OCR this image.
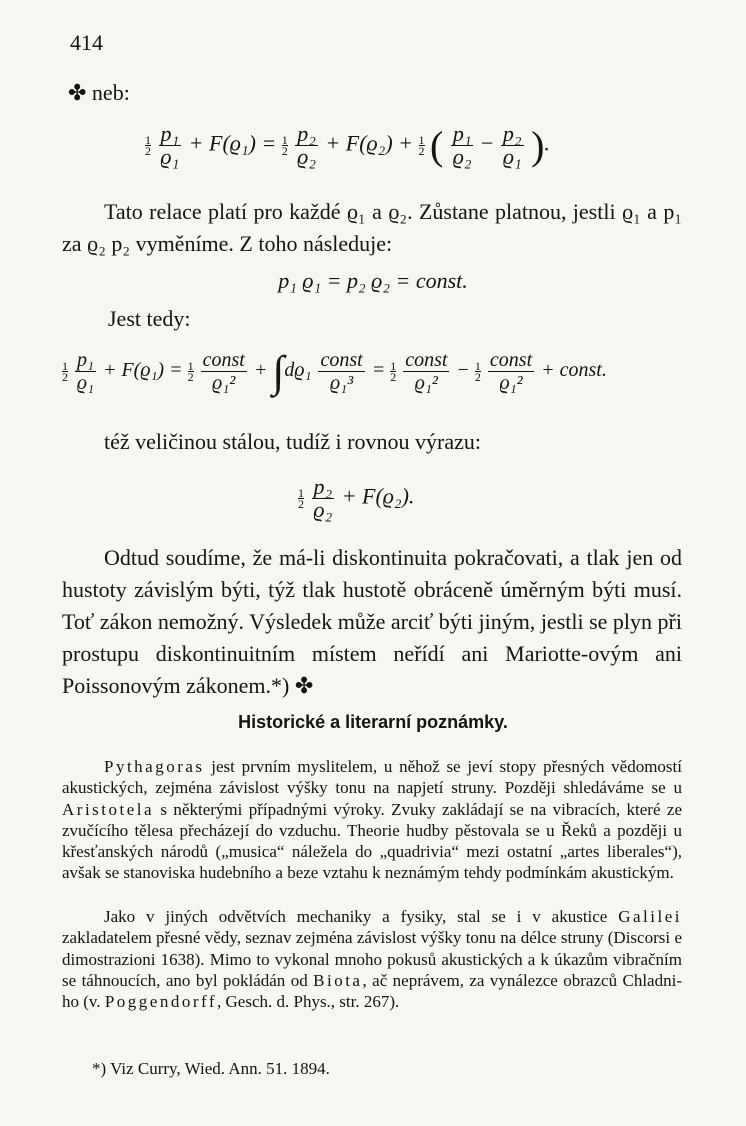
414
✤ neb:
$\frac{1}{2}$
$\frac{\text{p₁}}{\text{ϱ₁}} + F(ϱ_1) = \frac{1}{2}$
$\frac{\text{p₂}}{\text{ϱ₂}} + F(ϱ_2) + \frac{1}{2}$ ( $\frac{\text{p₁}}{\text{ϱ₂}} - \frac{\text{p₂}}{\text{ϱ₁}}$ ).
Tato relace platí pro každé ϱ₁ a ϱ₂. Zůstane platnou, jestli ϱ₁ a p₁ za ϱ₂ p₂ vyměníme. Z toho následuje:
p₁ ϱ₁ = p₂ ϱ₂ = const.
Jest tedy:
$\frac{1}{2}$
$\frac{\text{p₁}}{\text{ϱ₁}} + F(ϱ_1) = \frac{1}{2}$
$\frac{\text{const}}{\text{ϱ₁²}} + \int dϱ_1 \frac{\text{const}}{\text{ϱ₁³}} = \frac{1}{2}$
$\frac{\text{const}}{\text{ϱ₁²}} - \frac{1}{2}$
$\frac{\text{const}}{\text{ϱ₁²}}$ + const.
též veličinou stálou, tudíž i rovnou výrazu:
$\frac{1}{2}$
$\frac{\text{p₂}}{\text{ϱ₂}} + F(ϱ_2)$.
Odtud soudíme, že má-li diskontinuita pokračovati, a tlak jen od hustoty závislým býti, týž tlak hustotě obráceně úměrným býti musí. Toť zákon nemožný. Výsledek může arciť býti jiným, jestli se plyn při prostupu diskontinuitním místem neřídí ani Mariotte-ovým ani Poissonovým zákonem.*) ✤
Historické a literarní poznámky.
Pythagoras jest prvním myslitelem, u něhož se jeví stopy přesných vědomostí akustických, zejména závislost výšky tonu na napjetí struny. Později shledáváme se u Aristotela s některými případnými výroky. Zvuky zakládají se na vibracích, které ze zvučícího tělesa přecházejí do vzduchu. Theorie hudby pěstovala se u Řeků a později u křesťanských národů („musica“ náležela do „quadrivia“ mezi ostatní „artes liberales“), avšak se stanoviska hudebního a beze vztahu k neznámým tehdy podmínkám akustickým.
Jako v jiných odvětvích mechaniky a fysiky, stal se i v akustice Galilei zakladatelem přesné vědy, seznav zejména závislost výšky tonu na délce struny (Discorsi e dimostrazioni 1638). Mimo to vykonal mnoho pokusů akustických a k úkazům vibračním se táhnoucích, ano byl pokládán od Biota, ač neprávem, za vynálezce obrazců Chladni-ho (v. Poggendorff, Gesch. d. Phys., str. 267).
*) Viz Curry, Wied. Ann. 51. 1894.
